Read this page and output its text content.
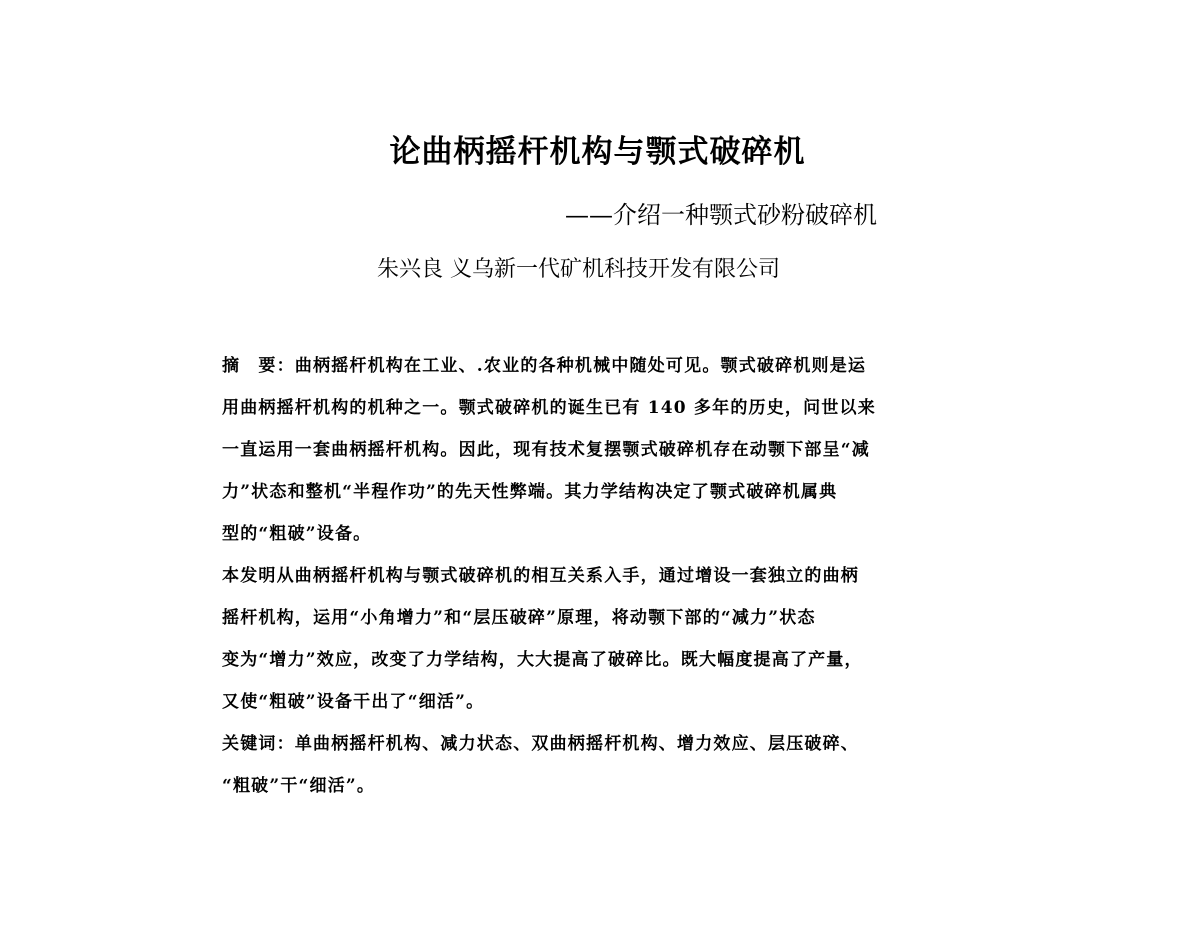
论曲柄摇杆机构与颚式破碎机
——介绍一种颚式砂粉破碎机
朱兴良 义乌新一代矿机科技开发有限公司
摘　要：曲柄摇杆机构在工业、.农业的各种机械中随处可见。颚式破碎机则是运
用曲柄摇杆机构的机种之一。颚式破碎机的诞生已有 140 多年的历史，问世以来
一直运用一套曲柄摇杆机构。因此，现有技术复摆颚式破碎机存在动颚下部呈“减
力”状态和整机“半程作功”的先天性弊端。其力学结构决定了颚式破碎机属典
型的“粗破”设备。
本发明从曲柄摇杆机构与颚式破碎机的相互关系入手，通过增设一套独立的曲柄
摇杆机构，运用“小角增力”和“层压破碎”原理，将动颚下部的“减力”状态
变为“增力”效应，改变了力学结构，大大提高了破碎比。既大幅度提高了产量，
又使“粗破”设备干出了“细活”。
关键词：单曲柄摇杆机构、减力状态、双曲柄摇杆机构、增力效应、层压破碎、
“粗破”干“细活”。
